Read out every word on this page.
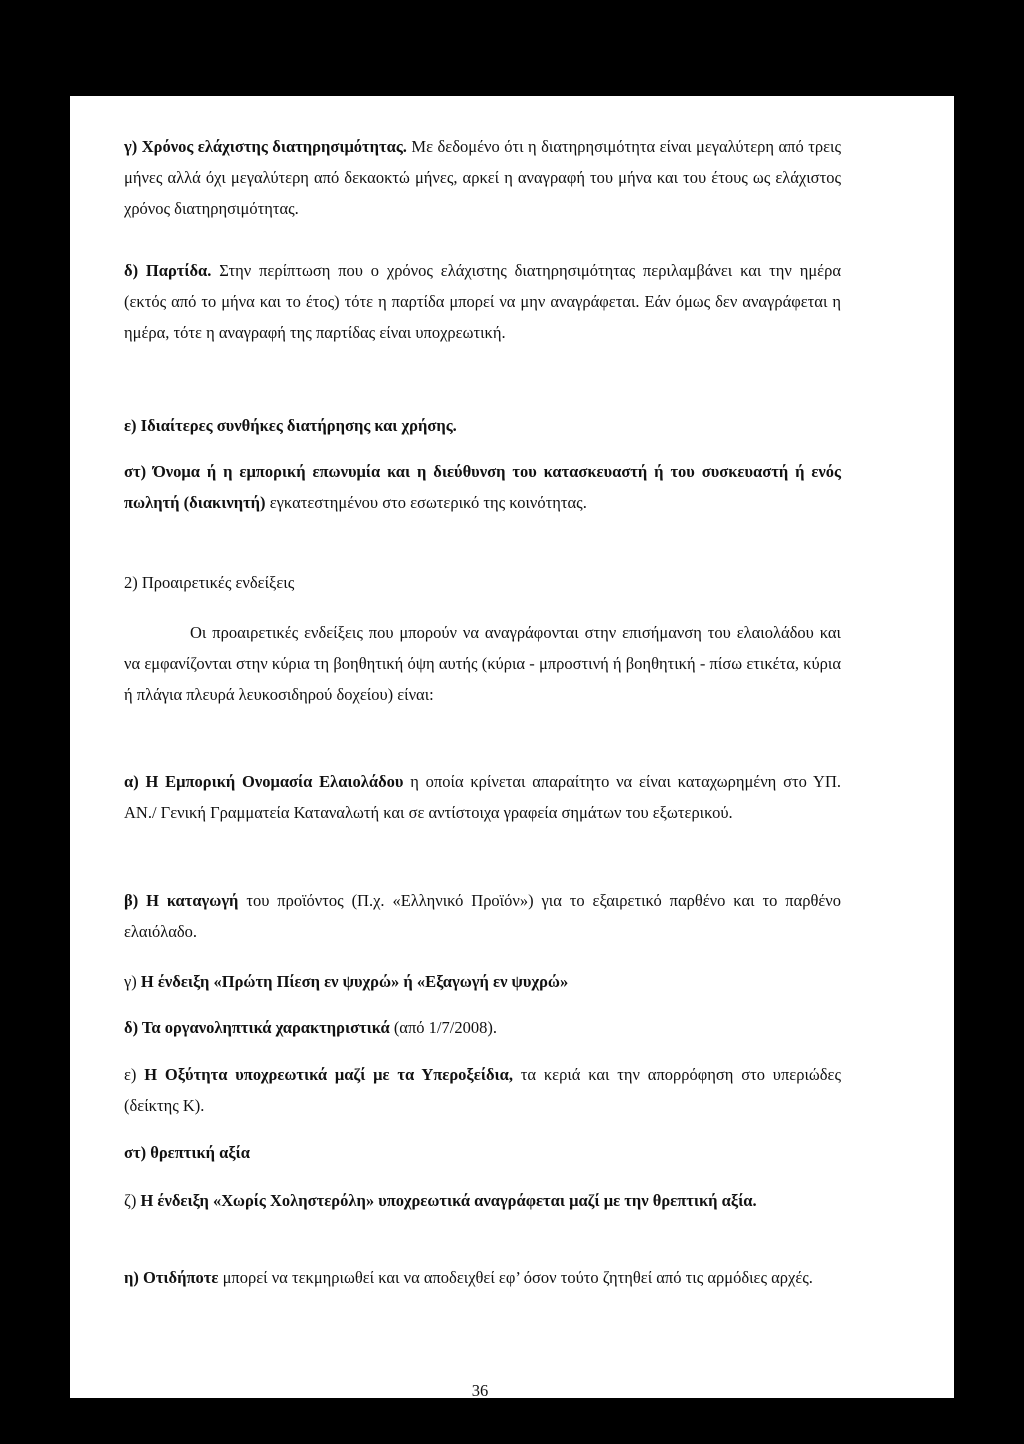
γ) Χρόνος ελάχιστης διατηρησιμότητας. Με δεδομένο ότι η διατηρησιμότητα είναι μεγαλύτερη από τρεις μήνες αλλά όχι μεγαλύτερη από δεκαοκτώ μήνες, αρκεί η αναγραφή του μήνα και του έτους ως ελάχιστος χρόνος διατηρησιμότητας.

δ) Παρτίδα. Στην περίπτωση που ο χρόνος ελάχιστης διατηρησιμότητας περιλαμβάνει και την ημέρα (εκτός από το μήνα και το έτος) τότε η παρτίδα μπορεί να μην αναγράφεται. Εάν όμως δεν αναγράφεται η ημέρα, τότε η αναγραφή της παρτίδας είναι υποχρεωτική.

ε) Ιδιαίτερες συνθήκες διατήρησης και χρήσης.

στ) Όνομα ή η εμπορική επωνυμία και η διεύθυνση του κατασκευαστή ή του συσκευαστή ή ενός πωλητή (διακινητή) εγκατεστημένου στο εσωτερικό της κοινότητας.

2) Προαιρετικές ενδείξεις

Οι προαιρετικές ενδείξεις που μπορούν να αναγράφονται στην επισήμανση του ελαιολάδου και να εμφανίζονται στην κύρια τη βοηθητική όψη αυτής (κύρια - μπροστινή ή βοηθητική - πίσω ετικέτα, κύρια ή πλάγια πλευρά λευκοσιδηρού δοχείου) είναι:

α) Η Εμπορική Ονομασία Ελαιολάδου η οποία κρίνεται απαραίτητο να είναι καταχωρημένη στο ΥΠ. ΑΝ./ Γενική Γραμματεία Καταναλωτή και σε αντίστοιχα γραφεία σημάτων του εξωτερικού.

β) Η καταγωγή του προϊόντος (Π.χ. «Ελληνικό Προϊόν») για το εξαιρετικό παρθένο και το παρθένο ελαιόλαδο.

γ) Η ένδειξη «Πρώτη Πίεση εν ψυχρώ» ή «Εξαγωγή εν ψυχρώ»

δ) Τα οργανοληπτικά χαρακτηριστικά (από 1/7/2008).

ε) Η Οξύτητα υποχρεωτικά μαζί με τα Υπεροξείδια, τα κεριά και την απορρόφηση στο υπεριώδες (δείκτης Κ).

στ) θρεπτική αξία

ζ) Η ένδειξη «Χωρίς Χοληστερόλη» υποχρεωτικά αναγράφεται μαζί με την θρεπτική αξία.

η) Οτιδήποτε μπορεί να τεκμηριωθεί και να αποδειχθεί εφ’ όσον τούτο ζητηθεί από τις αρμόδιες αρχές.

36
